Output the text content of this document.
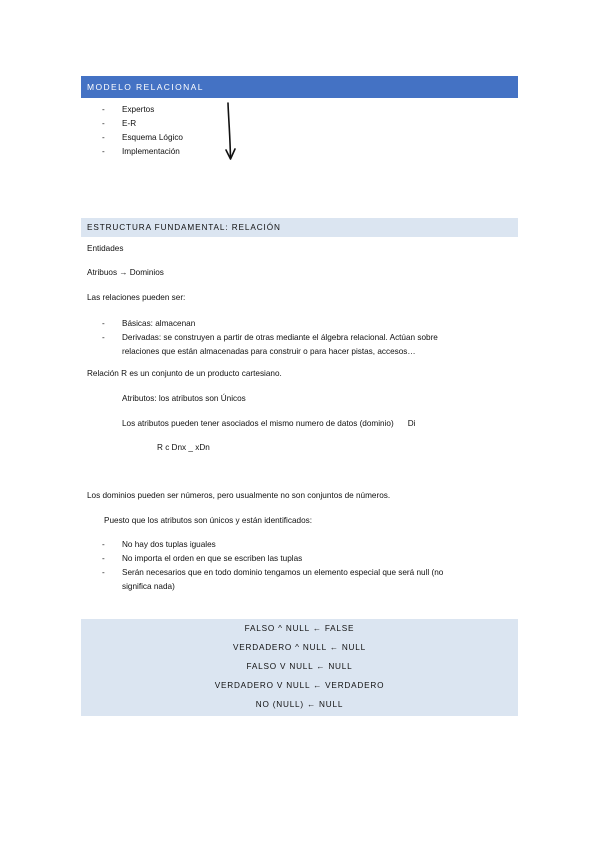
MODELO RELACIONAL
- Expertos
- E-R
- Esquema Lógico
- Implementación
ESTRUCTURA FUNDAMENTAL: RELACIÓN

Entidades

Atribuos → Dominios

Las relaciones pueden ser:

- Básicas: almacenan
- Derivadas: se construyen a partir de otras mediante el álgebra relacional. Actúan sobre
relaciones que están almacenadas para construir o para hacer pistas, accesos…

Relación R es un conjunto de un producto cartesiano.

Atributos: los atributos son Únicos

Los atributos pueden tener asociados el mismo numero de datos (dominio) Di

R c Dnx _ xDn

Los dominios pueden ser números, pero usualmente no son conjuntos de números.

Puesto que los atributos son únicos y están identificados:

- No hay dos tuplas iguales
- No importa el orden en que se escriben las tuplas
- Serán necesarios que en todo dominio tengamos un elemento especial que será null (no
significa nada)
FALSO ^ NULL ← FALSE
VERDADERO ^ NULL ← NULL
FALSO V NULL ← NULL
VERDADERO V NULL ← VERDADERO
NO (NULL) ← NULL
